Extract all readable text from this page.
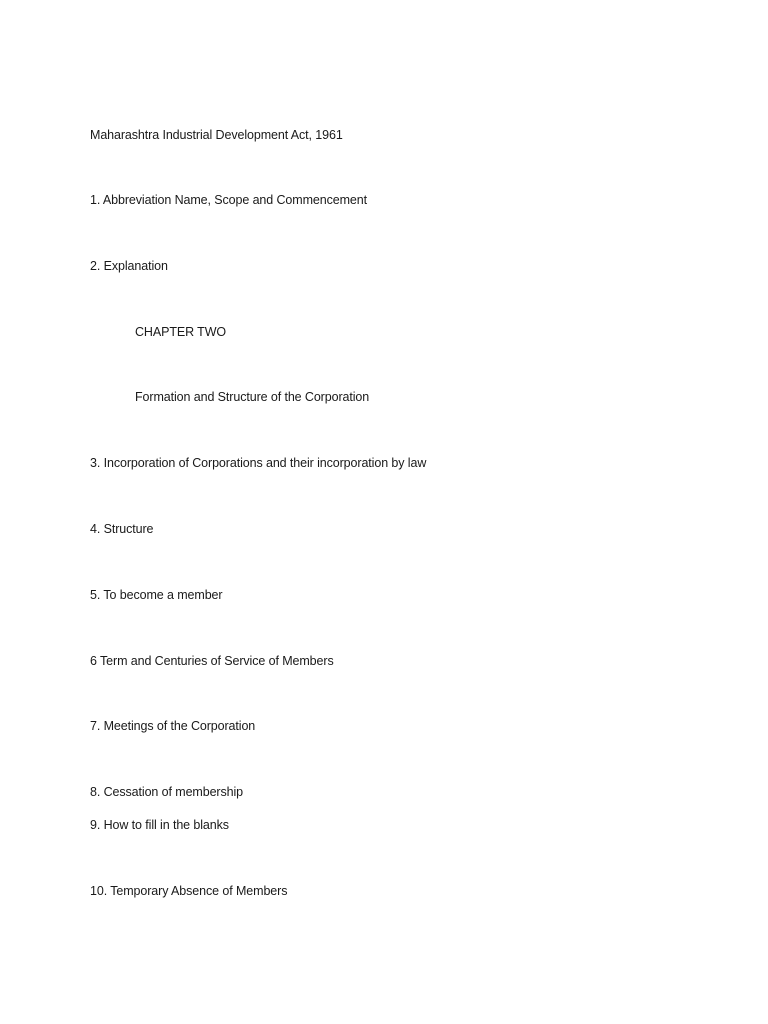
Maharashtra Industrial Development Act, 1961
1. Abbreviation Name, Scope and Commencement
2. Explanation
CHAPTER TWO
Formation and Structure of the Corporation
3. Incorporation of Corporations and their incorporation by law
4. Structure
5. To become a member
6 Term and Centuries of Service of Members
7. Meetings of the Corporation
8. Cessation of membership
9. How to fill in the blanks
10. Temporary Absence of Members
